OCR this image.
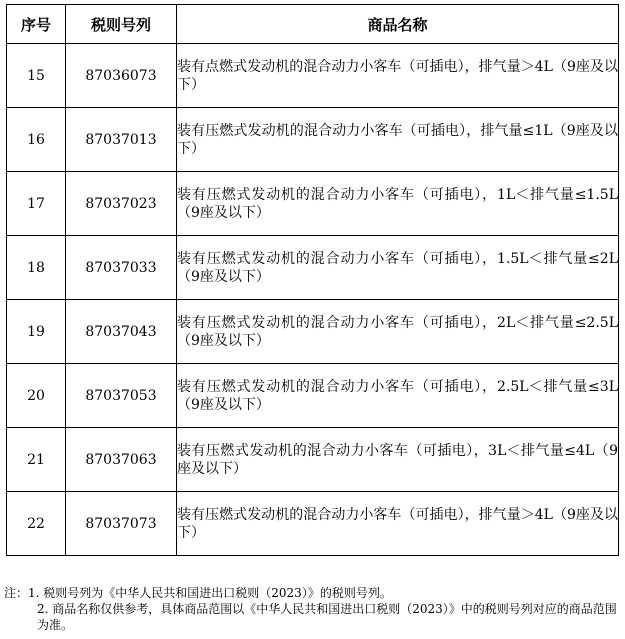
序号	税则号列	商品名称
15	87036073	装有点燃式发动机的混合动力小客车（可插电），排气量＞4L（9座及以下）
16	87037013	装有压燃式发动机的混合动力小客车（可插电），排气量≤1L（9座及以下）
17	87037023	装有压燃式发动机的混合动力小客车（可插电），1L＜排气量≤1.5L（9座及以下）
18	87037033	装有压燃式发动机的混合动力小客车（可插电），1.5L＜排气量≤2L（9座及以下）
19	87037043	装有压燃式发动机的混合动力小客车（可插电），2L＜排气量≤2.5L（9座及以下）
20	87037053	装有压燃式发动机的混合动力小客车（可插电），2.5L＜排气量≤3L（9座及以下）
21	87037063	装有压燃式发动机的混合动力小客车（可插电），3L＜排气量≤4L（9座及以下）
22	87037073	装有压燃式发动机的混合动力小客车（可插电），排气量＞4L（9座及以下）
注：1. 税则号列为《中华人民共和国进出口税则（2023）》的税则号列。
2. 商品名称仅供参考，具体商品范围以《中华人民共和国进出口税则（2023）》中的税则号列对应的商品范围为准。
